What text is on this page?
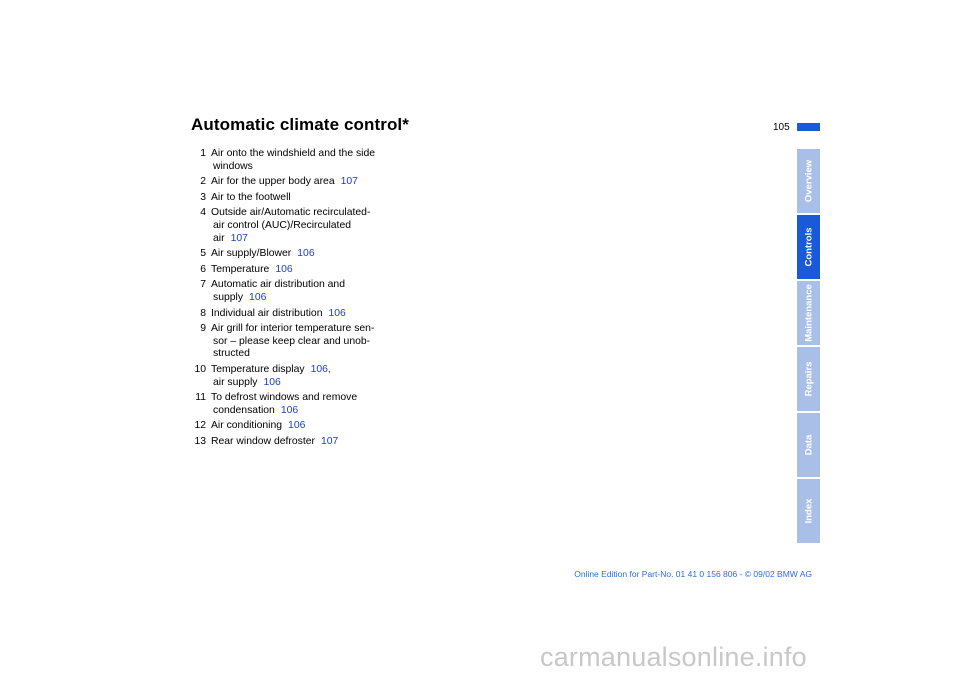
Automatic climate control*	105
1 Air onto the windshield and the side
windows
2 Air for the upper body area 107
3 Air to the footwell
4 Outside air/Automatic recirculated-
air control (AUC)/Recirculated
air 107
5 Air supply/Blower 106
6 Temperature 106
7 Automatic air distribution and
supply 106
8 Individual air distribution 106
9 Air grill for interior temperature sen-
sor – please keep clear and unob-
structed
10 Temperature display 106,
air supply 106
11 To defrost windows and remove
condensation 106
12 Air conditioning 106
13 Rear window defroster 107
Overview
Controls
Maintenance
Repairs
Data
Index
Online Edition for Part-No. 01 41 0 156 806 - © 09/02 BMW AG
carmanualsonline.info
